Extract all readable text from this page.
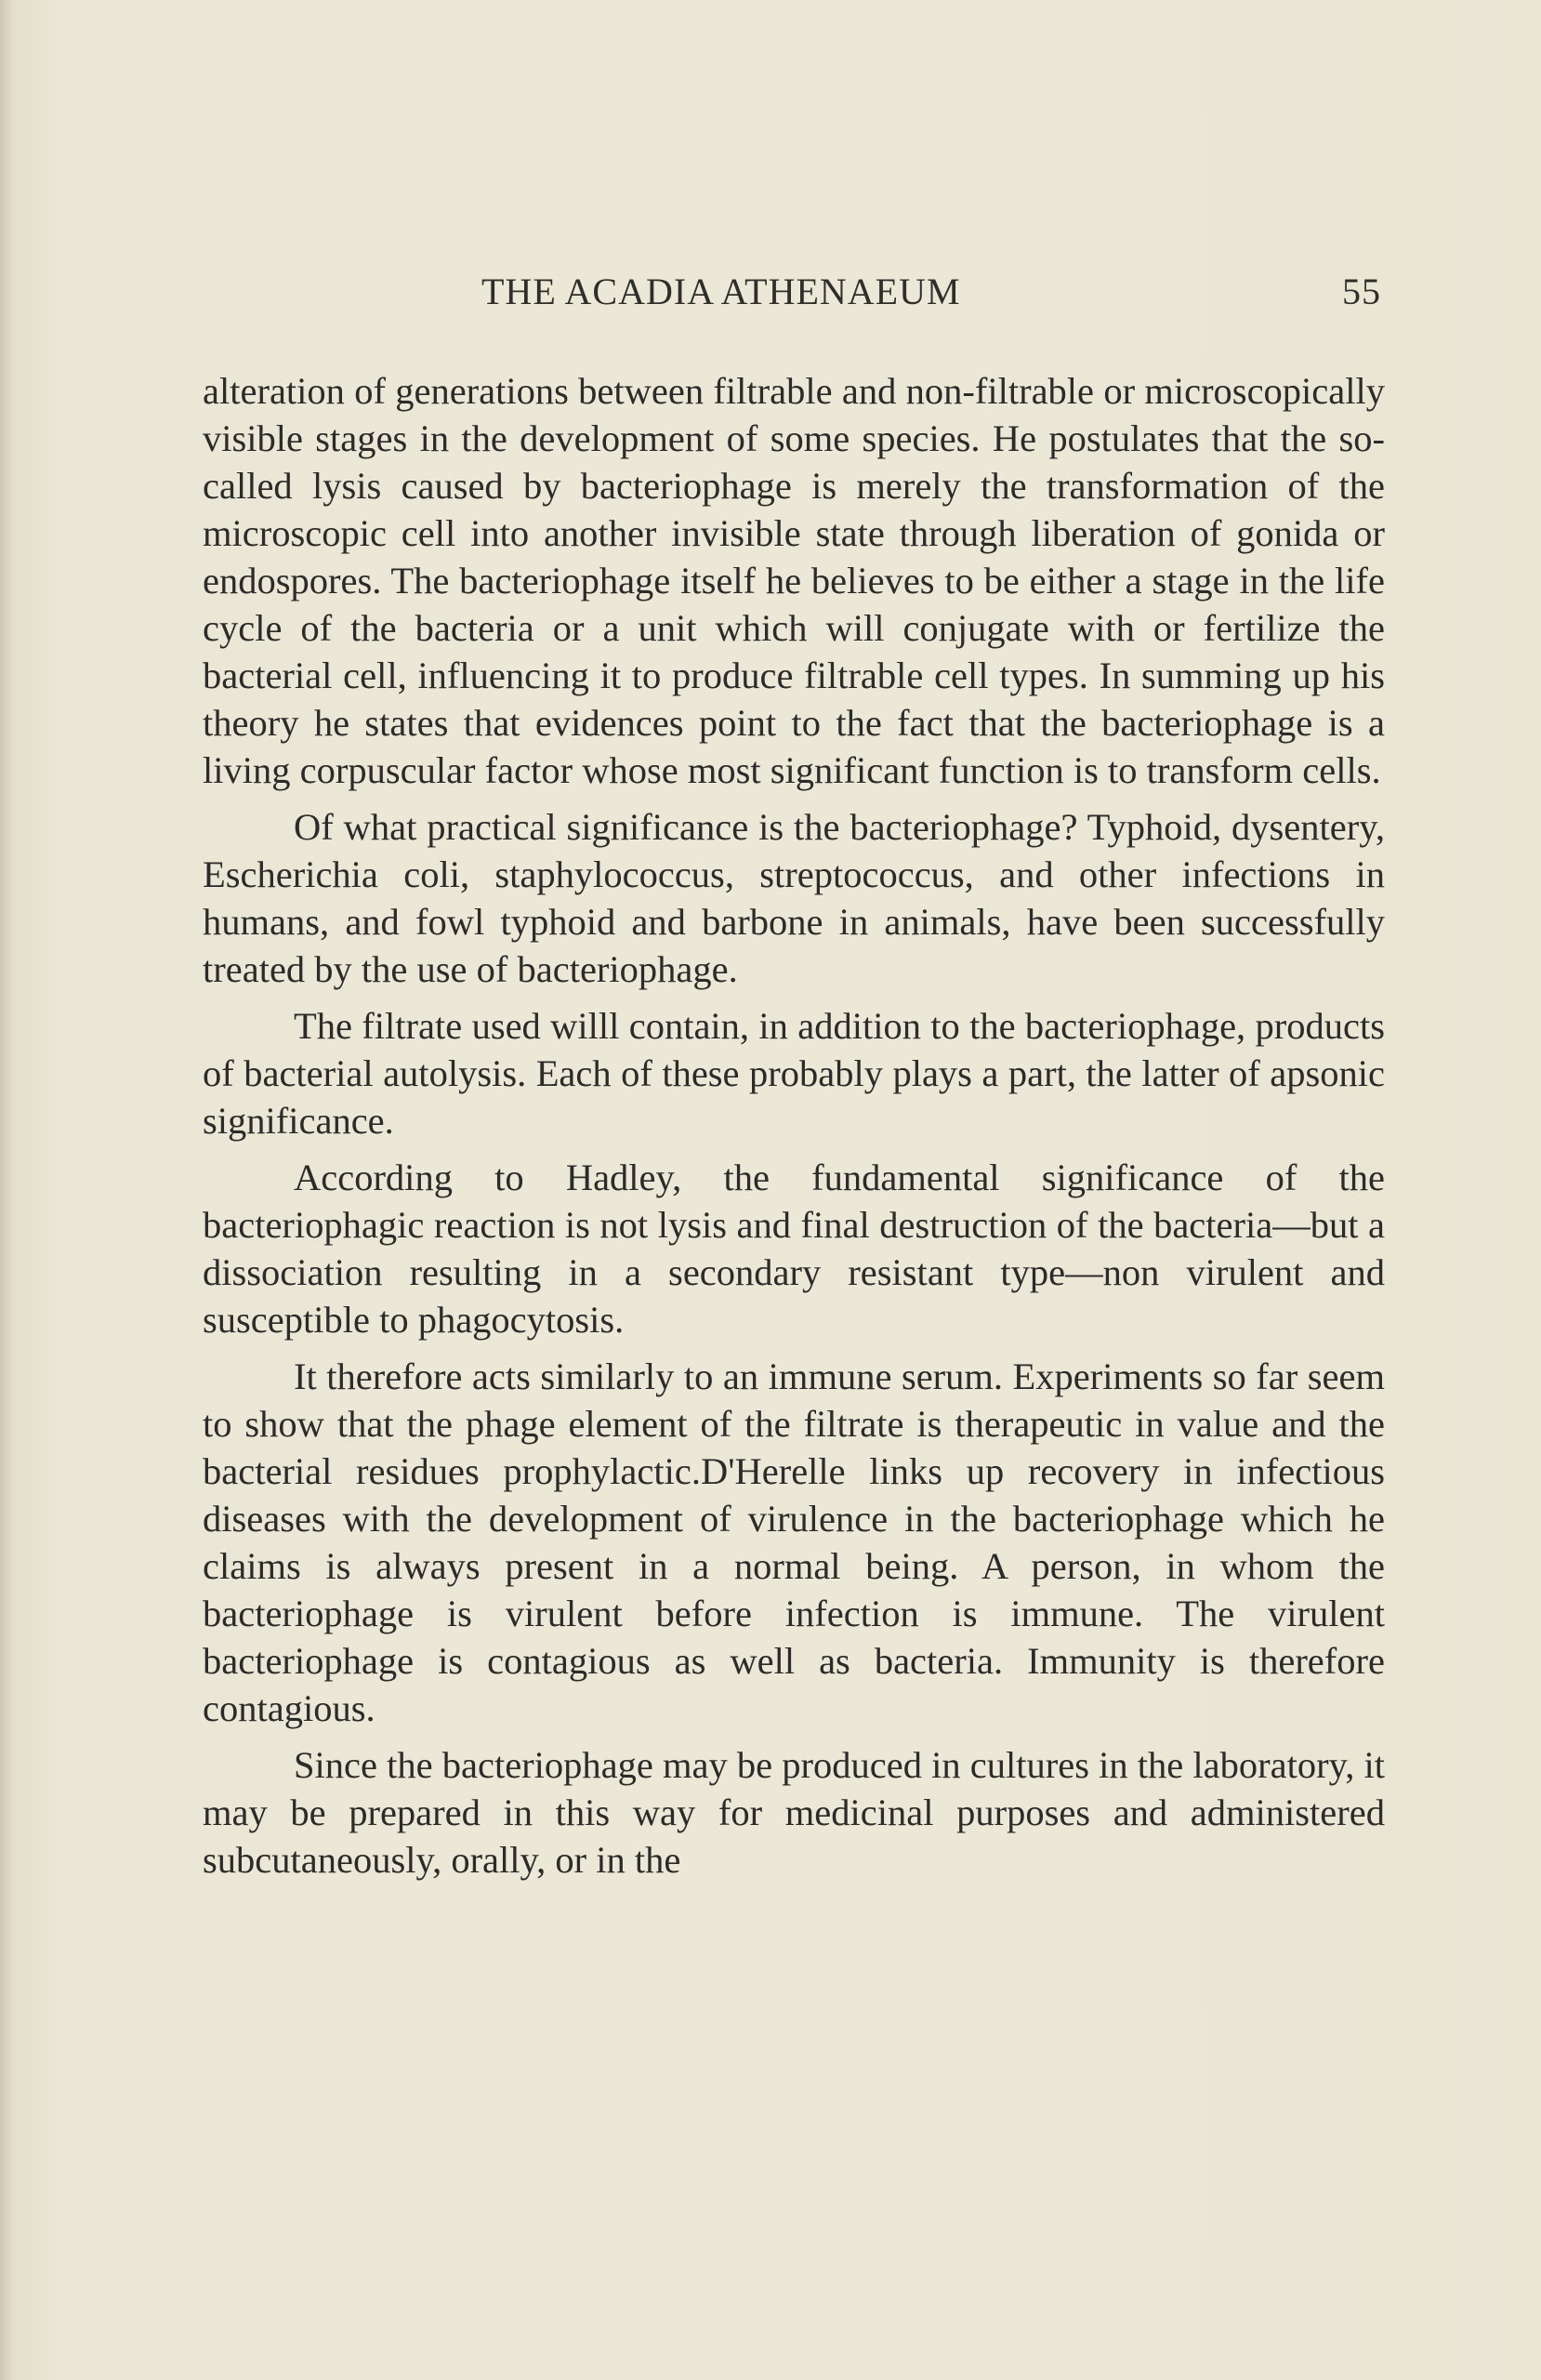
THE ACADIA ATHENAEUM	55

alteration of generations between filtrable and non-filtrable or microscopically visible stages in the development of some species. He postulates that the so-called lysis caused by bacteriophage is merely the transformation of the microscopic cell into another invisible state through liberation of gonida or endospores. The bacteriophage itself he believes to be either a stage in the life cycle of the bacteria or a unit which will conjugate with or fertilize the bacterial cell, influencing it to produce filtrable cell types. In summing up his theory he states that evidences point to the fact that the bacteriophage is a living corpuscular factor whose most significant function is to transform cells.

Of what practical significance is the bacteriophage? Typhoid, dysentery, Escherichia coli, staphylococcus, streptococcus, and other infections in humans, and fowl typhoid and barbone in animals, have been successfully treated by the use of bacteriophage.

The filtrate used willl contain, in addition to the bacteriophage, products of bacterial autolysis. Each of these probably plays a part, the latter of apsonic significance.

According to Hadley, the fundamental significance of the bacteriophagic reaction is not lysis and final destruction of the bacteria—but a dissociation resulting in a secondary resistant type—non virulent and susceptible to phagocytosis.

It therefore acts similarly to an immune serum. Experiments so far seem to show that the phage element of the filtrate is therapeutic in value and the bacterial residues prophylactic.D'Herelle links up recovery in infectious diseases with the development of virulence in the bacteriophage which he claims is always present in a normal being. A person, in whom the bacteriophage is virulent before infection is immune. The virulent bacteriophage is contagious as well as bacteria. Immunity is therefore contagious.

Since the bacteriophage may be produced in cultures in the laboratory, it may be prepared in this way for medicinal purposes and administered subcutaneously, orally, or in the
